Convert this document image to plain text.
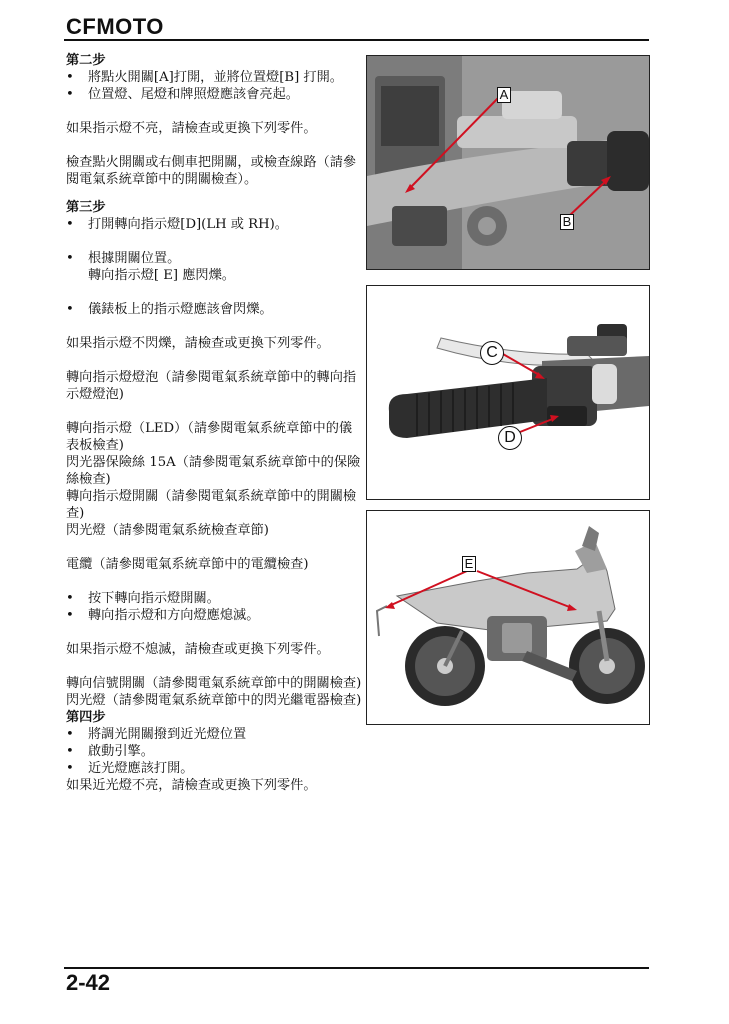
CFMOTO
第二步
• 將點火開關[A]打開，並將位置燈[B] 打開。
• 位置燈、尾燈和牌照燈應該會亮起。
如果指示燈不亮，請檢查或更換下列零件。
檢查點火開關或右側車把開關，或檢查線路（請參閱電氣系統章節中的開關檢查）。
第三步
• 打開轉向指示燈[D](LH 或 RH)。
• 根據開關位置。
轉向指示燈[ E] 應閃爍。
• 儀錶板上的指示燈應該會閃爍。
如果指示燈不閃爍，請檢查或更換下列零件。
轉向指示燈燈泡（請參閱電氣系統章節中的轉向指示燈燈泡)
轉向指示燈（LED）（請參閱電氣系統章節中的儀表板檢查)
閃光器保險絲 15A（請參閱電氣系統章節中的保險絲檢查)
轉向指示燈開關（請參閱電氣系統章節中的開關檢查)
閃光燈（請參閱電氣系統檢查章節)
電纜（請參閱電氣系統章節中的電纜檢查)
• 按下轉向指示燈開關。
• 轉向指示燈和方向燈應熄滅。
如果指示燈不熄滅，請檢查或更換下列零件。
轉向信號開關（請參閱電氣系統章節中的開關檢查)
閃光燈（請參閱電氣系統章節中的閃光繼電器檢查)
第四步
• 將調光開關撥到近光燈位置
• 啟動引擎。
• 近光燈應該打開。
如果近光燈不亮，請檢查或更換下列零件。
A
B
C
D
E
2-42
